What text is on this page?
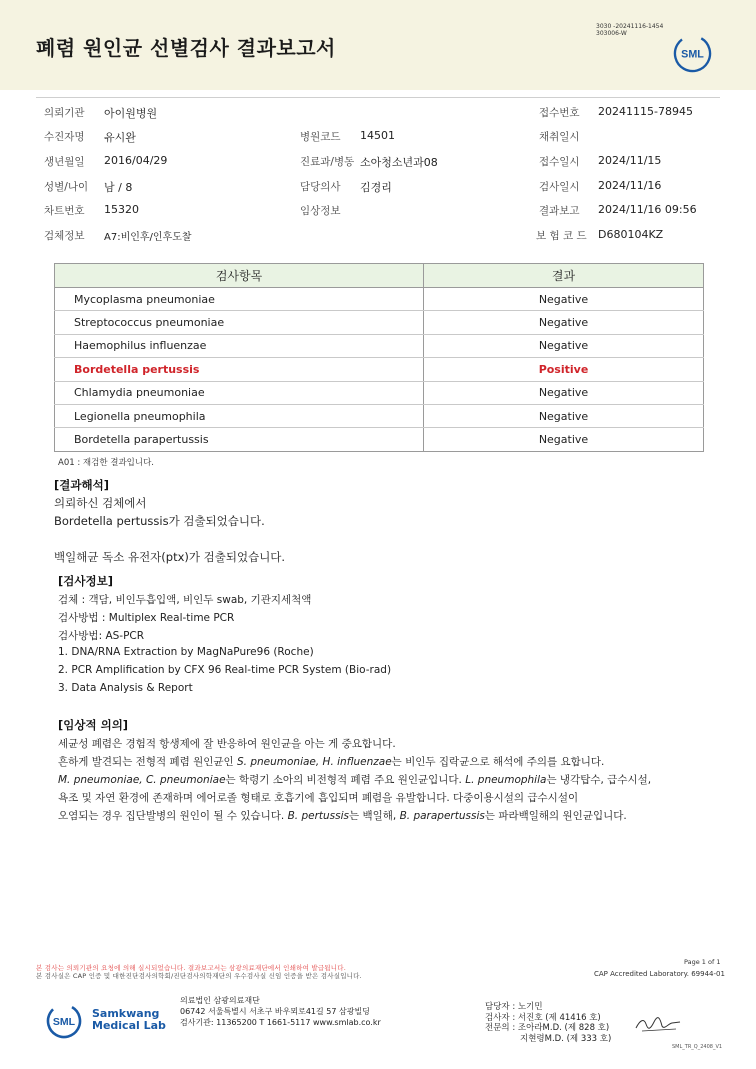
폐렴 원인균 선별검사 결과보고서
3030 -20241116-1454
303006-W
SML
의뢰기관 아이원병원	접수번호 20241115-78945
수진자명 유시완	병원코드 14501	채취일시
생년월일 2016/04/29	진료과/병동 소아청소년과08	접수일시 2024/11/15
성별/나이 남 / 8	담당의사 김경리	검사일시 2024/11/16
차트번호 15320	임상정보	결과보고 2024/11/16 09:56
검체정보 A7:비인후/인후도찰	보 험 코 드 D680104KZ
검사항목	결과
Mycoplasma pneumoniae	Negative
Streptococcus pneumoniae	Negative
Haemophilus influenzae	Negative
Bordetella pertussis	Positive
Chlamydia pneumoniae	Negative
Legionella pneumophila	Negative
Bordetella parapertussis	Negative
A01 : 재검한 결과입니다.
[결과해석]
의뢰하신 검체에서
Bordetella pertussis가 검출되었습니다.
백일해균 독소 유전자(ptx)가 검출되었습니다.
[검사정보]
검체 : 객담, 비인두흡입액, 비인두 swab, 기관지세척액
검사방법 : Multiplex Real-time PCR
검사방법: AS-PCR
1. DNA/RNA Extraction by MagNaPure96 (Roche)
2. PCR Amplification by CFX 96 Real-time PCR System (Bio-rad)
3. Data Analysis & Report
[임상적 의의]
세균성 폐렴은 경험적 항생제에 잘 반응하여 원인균을 아는 게 중요합니다.
흔하게 발견되는 전형적 폐렴 원인균인 S. pneumoniae, H. influenzae는 비인두 집락균으로 해석에 주의를 요합니다.
M. pneumoniae, C. pneumoniae는 학령기 소아의 비전형적 폐렴 주요 원인균입니다. L. pneumophila는 냉각탑수, 급수시설,
욕조 및 자연 환경에 존재하며 에어로졸 형태로 호흡기에 흡입되며 폐렴을 유발합니다. 다중이용시설의 급수시설이
오염되는 경우 집단발병의 원인이 될 수 있습니다. B. pertussis는 백일해, B. parapertussis는 파라백일해의 원인균입니다.
본 검사는 의뢰기관의 요청에 의해 실시되었습니다. 결과보고서는 삼광의료재단에서 인쇄하여 발급됩니다.
본 검사실은 CAP 인증 및 대한진단검사의학회/진단검사의학재단의 우수검사실 신임 인증을 받은 검사실입니다.
Page 1 of 1
CAP Accredited Laboratory. 69944-01
SML
Samkwang
Medical Lab
의료법인 삼광의료재단
06742 서울특별시 서초구 바우뫼로41길 57 삼광빌딩
검사기관: 11365200 T 1661-5117 www.smlab.co.kr
담당자 : 노기민
검사자 : 서진호 (제 41416 호)
전문의 : 조아라M.D. (제 828 호)
지현령M.D. (제 333 호)
SML_TR_Q_2408_V1
